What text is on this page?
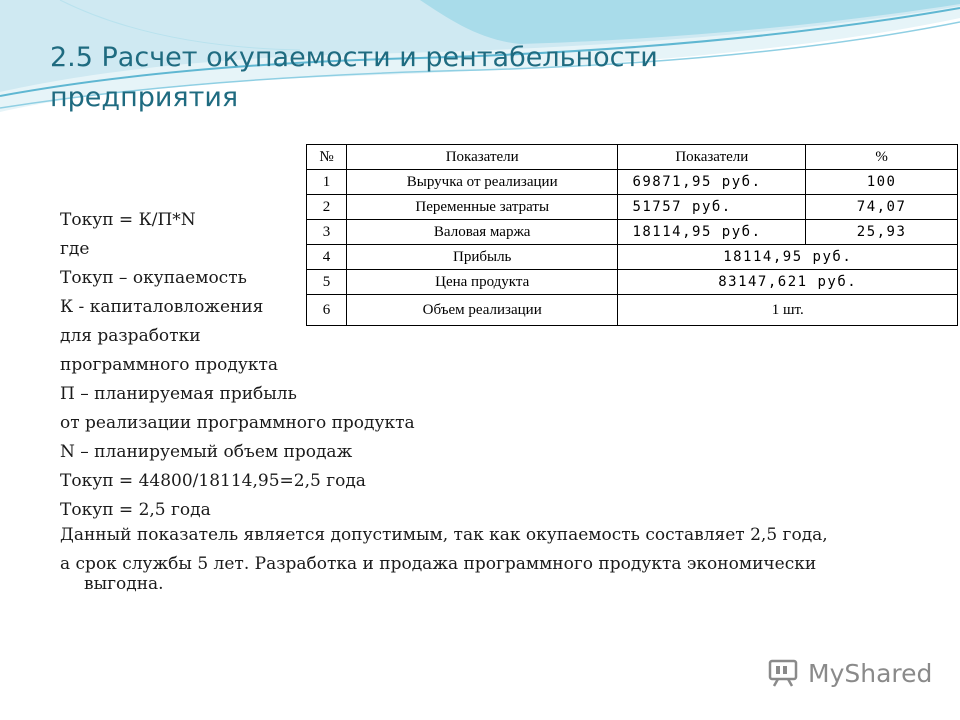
2.5 Расчет окупаемости и рентабельности
предприятия
№	Показатели	Показатели	%
1	Выручка от реализации	69871,95 руб.	100
2	Переменные затраты	51757 руб.	74,07
3	Валовая маржа	18114,95 руб.	25,93
4	Прибыль	18114,95 руб.	
5	Цена продукта	83147,621 руб.	
6	Объем реализации	1 шт.	
Tокуп = К/П*N
где
Tокуп – окупаемость
К - капиталовложения
для разработки
программного продукта
П – планируемая прибыль
от реализации программного продукта
N – планируемый объем продаж
Tокуп = 44800/18114,95=2,5 года
Tокуп = 2,5 года
Данный показатель является допустимым, так как окупаемость составляет 2,5 года,
а срок службы 5 лет. Разработка и продажа программного продукта экономически выгодна.
MyShared
